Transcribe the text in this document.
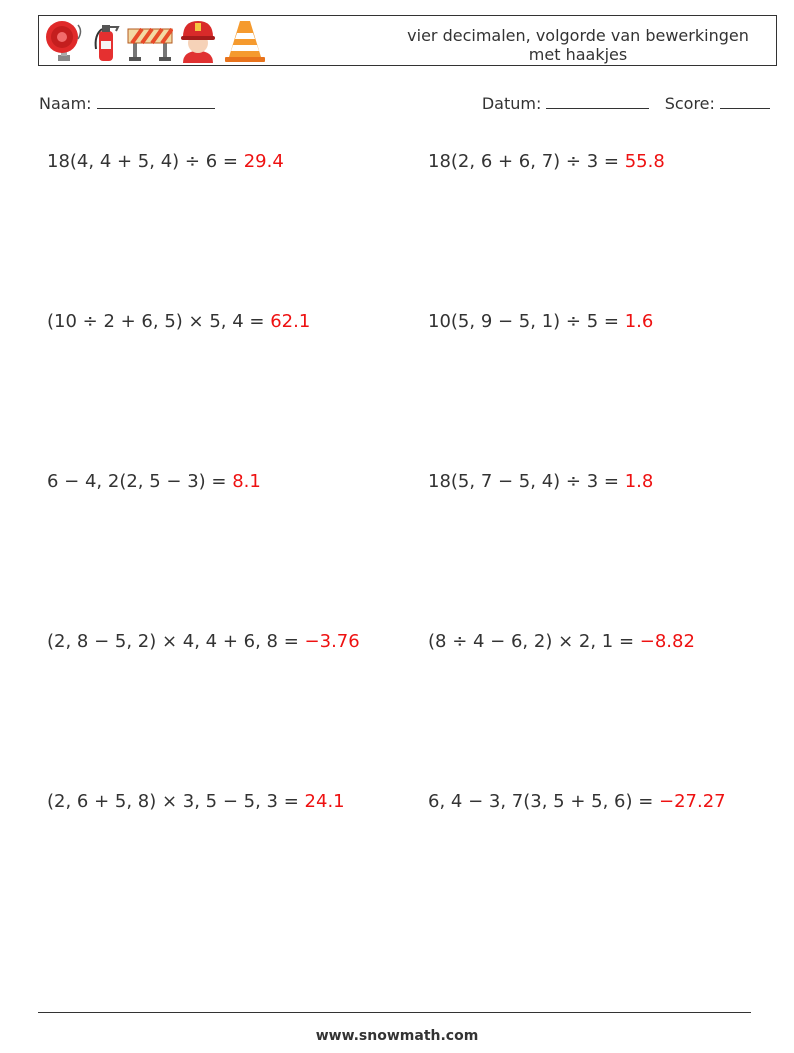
vier decimalen, volgorde van bewerkingen
met haakjes
Naam:	Datum:	Score:
18(4, 4 + 5, 4) ÷ 6 = 29.4	18(2, 6 + 6, 7) ÷ 3 = 55.8
(10 ÷ 2 + 6, 5) × 5, 4 = 62.1	10(5, 9 − 5, 1) ÷ 5 = 1.6
6 − 4, 2(2, 5 − 3) = 8.1	18(5, 7 − 5, 4) ÷ 3 = 1.8
(2, 8 − 5, 2) × 4, 4 + 6, 8 = −3.76	(8 ÷ 4 − 6, 2) × 2, 1 = −8.82
(2, 6 + 5, 8) × 3, 5 − 5, 3 = 24.1	6, 4 − 3, 7(3, 5 + 5, 6) = −27.27
www.snowmath.com
